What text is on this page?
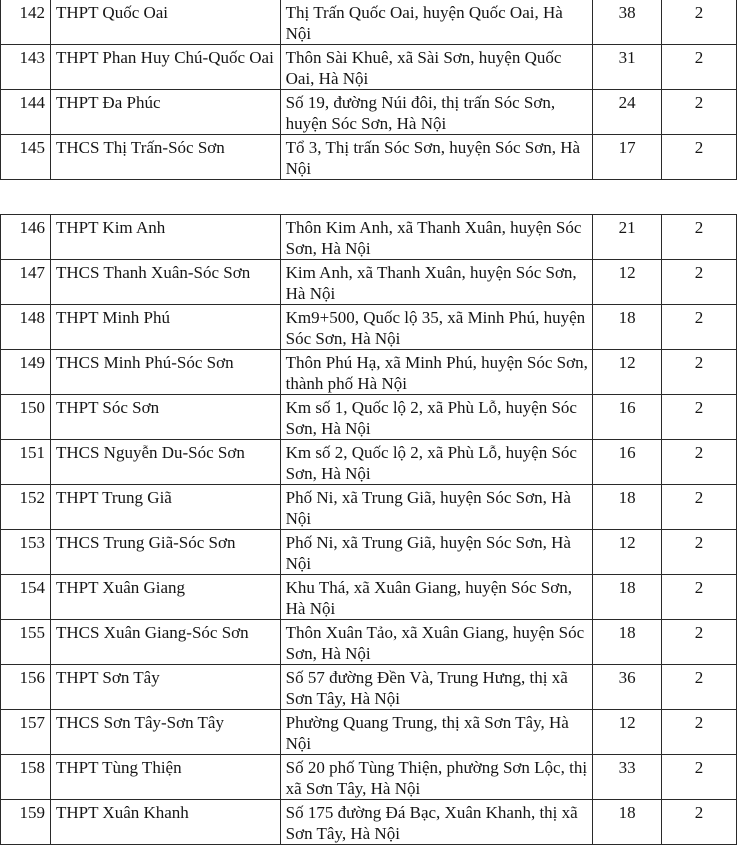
142	THPT Quốc Oai	Thị Trấn Quốc Oai, huyện Quốc Oai, Hà Nội	38	2
143	THPT Phan Huy Chú-Quốc Oai	Thôn Sài Khuê, xã Sài Sơn, huyện Quốc Oai, Hà Nội	31	2
144	THPT Đa Phúc	Số 19, đường Núi đôi, thị trấn Sóc Sơn, huyện Sóc Sơn, Hà Nội	24	2
145	THCS Thị Trấn-Sóc Sơn	Tổ 3, Thị trấn Sóc Sơn, huyện Sóc Sơn, Hà Nội	17	2
146	THPT Kim Anh	Thôn Kim Anh, xã Thanh Xuân, huyện Sóc Sơn, Hà Nội	21	2
147	THCS Thanh Xuân-Sóc Sơn	Kim Anh, xã Thanh Xuân, huyện Sóc Sơn, Hà Nội	12	2
148	THPT Minh Phú	Km9+500, Quốc lộ 35, xã Minh Phú, huyện Sóc Sơn, Hà Nội	18	2
149	THCS Minh Phú-Sóc Sơn	Thôn Phú Hạ, xã Minh Phú, huyện Sóc Sơn, thành phố Hà Nội	12	2
150	THPT Sóc Sơn	Km số 1, Quốc lộ 2, xã Phù Lỗ, huyện Sóc Sơn, Hà Nội	16	2
151	THCS Nguyễn Du-Sóc Sơn	Km số 2, Quốc lộ 2, xã Phù Lỗ, huyện Sóc Sơn, Hà Nội	16	2
152	THPT Trung Giã	Phố Ni, xã Trung Giã, huyện Sóc Sơn, Hà Nội	18	2
153	THCS Trung Giã-Sóc Sơn	Phố Ni, xã Trung Giã, huyện Sóc Sơn, Hà Nội	12	2
154	THPT Xuân Giang	Khu Thá, xã Xuân Giang, huyện Sóc Sơn, Hà Nội	18	2
155	THCS Xuân Giang-Sóc Sơn	Thôn Xuân Tảo, xã Xuân Giang, huyện Sóc Sơn, Hà Nội	18	2
156	THPT Sơn Tây	Số 57 đường Đền Và, Trung Hưng, thị xã Sơn Tây, Hà Nội	36	2
157	THCS Sơn Tây-Sơn Tây	Phường Quang Trung, thị xã Sơn Tây, Hà Nội	12	2
158	THPT Tùng Thiện	Số 20 phố Tùng Thiện, phường Sơn Lộc, thị xã Sơn Tây, Hà Nội	33	2
159	THPT Xuân Khanh	Số 175 đường Đá Bạc, Xuân Khanh, thị xã Sơn Tây, Hà Nội	18	2
